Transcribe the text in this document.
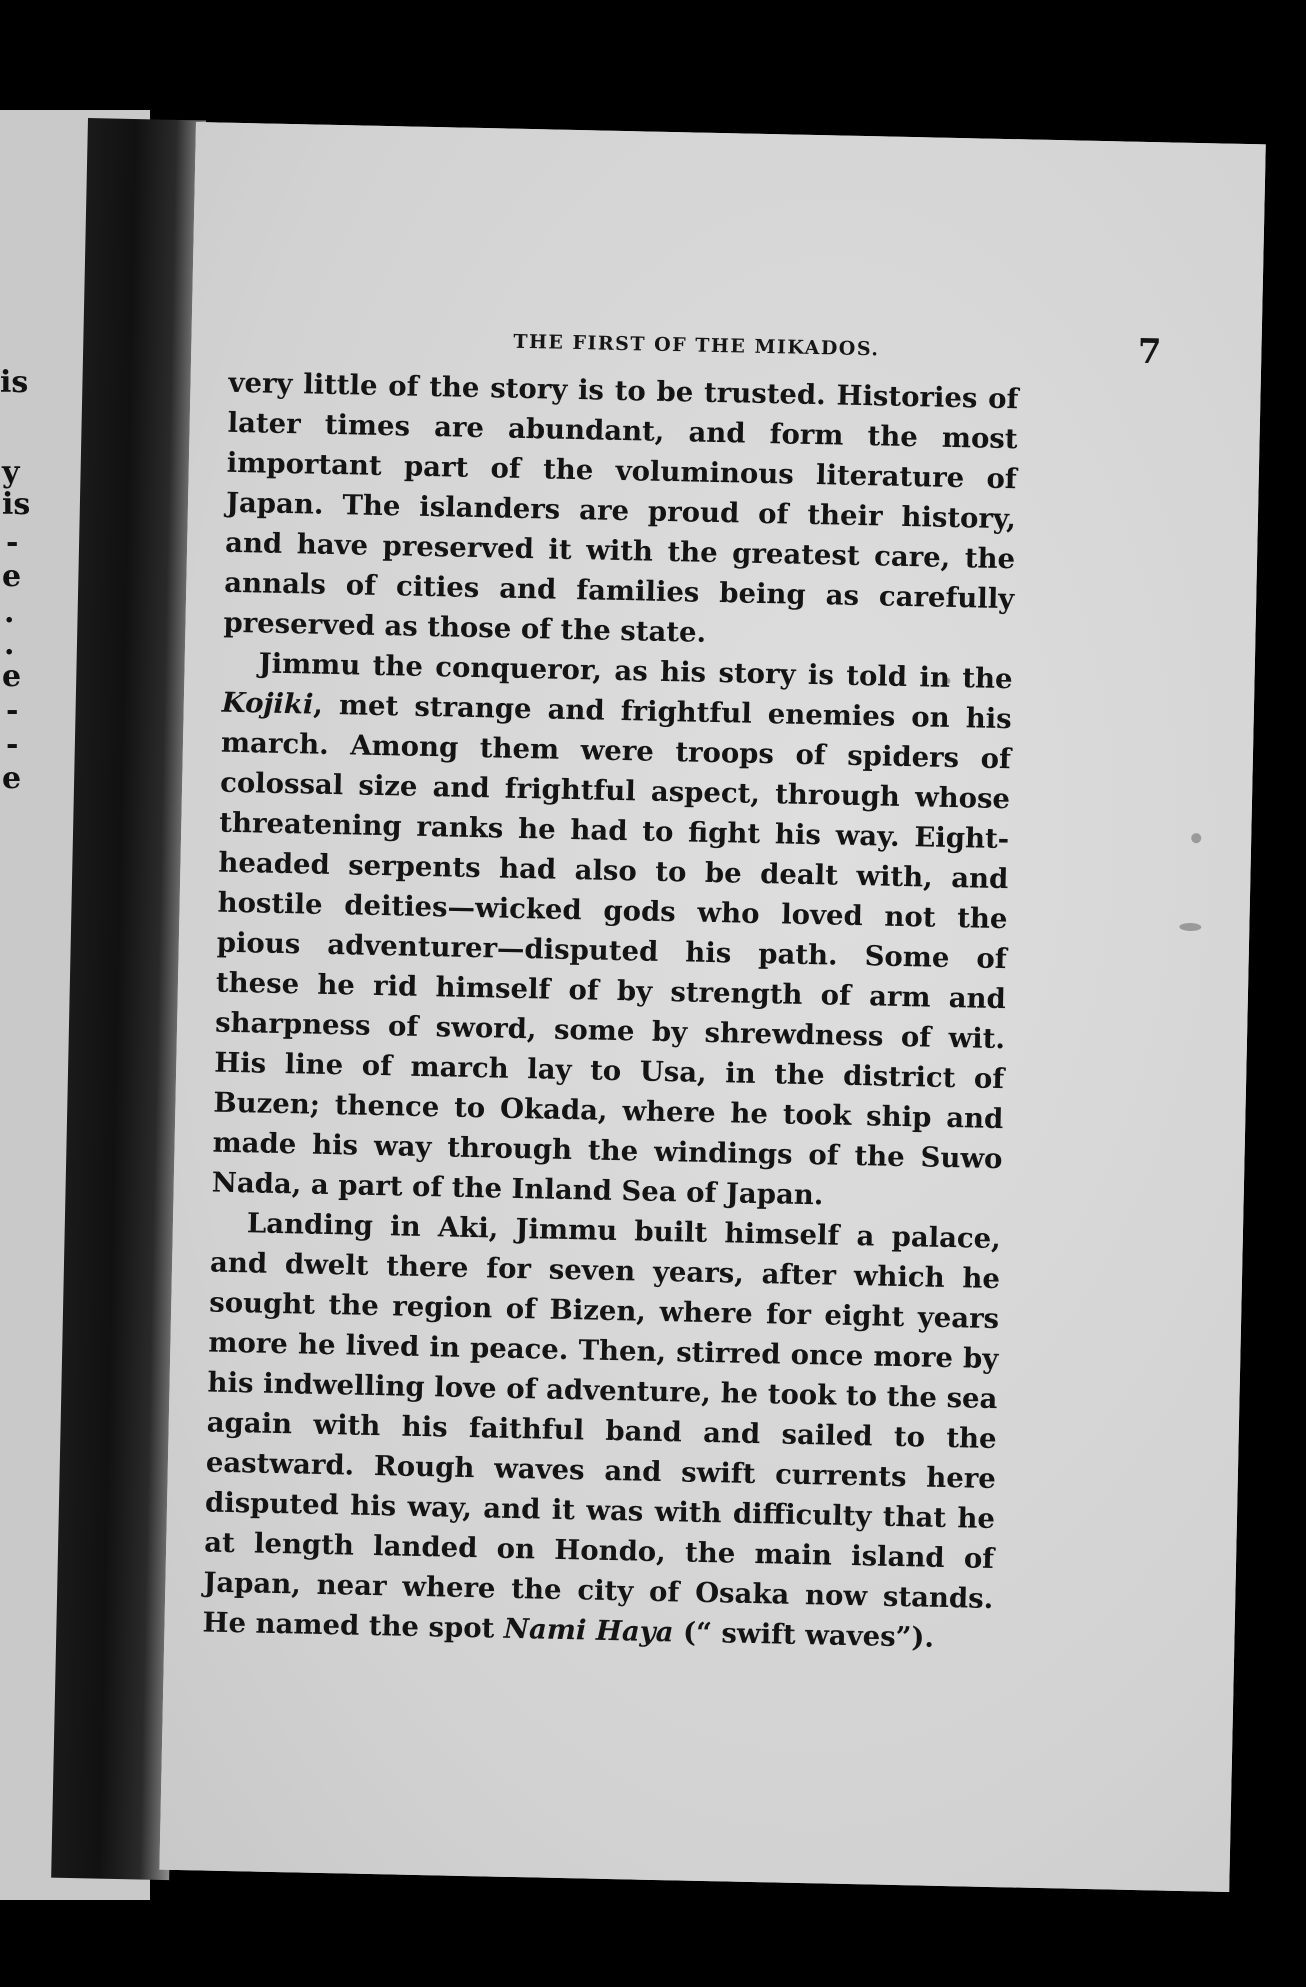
is
y
is
-
e
.
.
e
-
-
e
THE FIRST OF THE MIKADOS.	7

very little of the story is to be trusted. Histories of later times are abundant, and form the most important part of the voluminous literature of Japan. The islanders are proud of their history, and have preserved it with the greatest care, the annals of cities and families being as carefully preserved as those of the state.

Jimmu the conqueror, as his story is told in the Kojiki, met strange and frightful enemies on his march. Among them were troops of spiders of colossal size and frightful aspect, through whose threatening ranks he had to fight his way. Eight-headed serpents had also to be dealt with, and hostile deities—wicked gods who loved not the pious adventurer—disputed his path. Some of these he rid himself of by strength of arm and sharpness of sword, some by shrewdness of wit. His line of march lay to Usa, in the district of Buzen; thence to Okada, where he took ship and made his way through the windings of the Suwo Nada, a part of the Inland Sea of Japan.

Landing in Aki, Jimmu built himself a palace, and dwelt there for seven years, after which he sought the region of Bizen, where for eight years more he lived in peace. Then, stirred once more by his indwelling love of adventure, he took to the sea again with his faithful band and sailed to the eastward. Rough waves and swift currents here disputed his way, and it was with difficulty that he at length landed on Hondo, the main island of Japan, near where the city of Osaka now stands. He named the spot Nami Haya (“ swift waves”).
